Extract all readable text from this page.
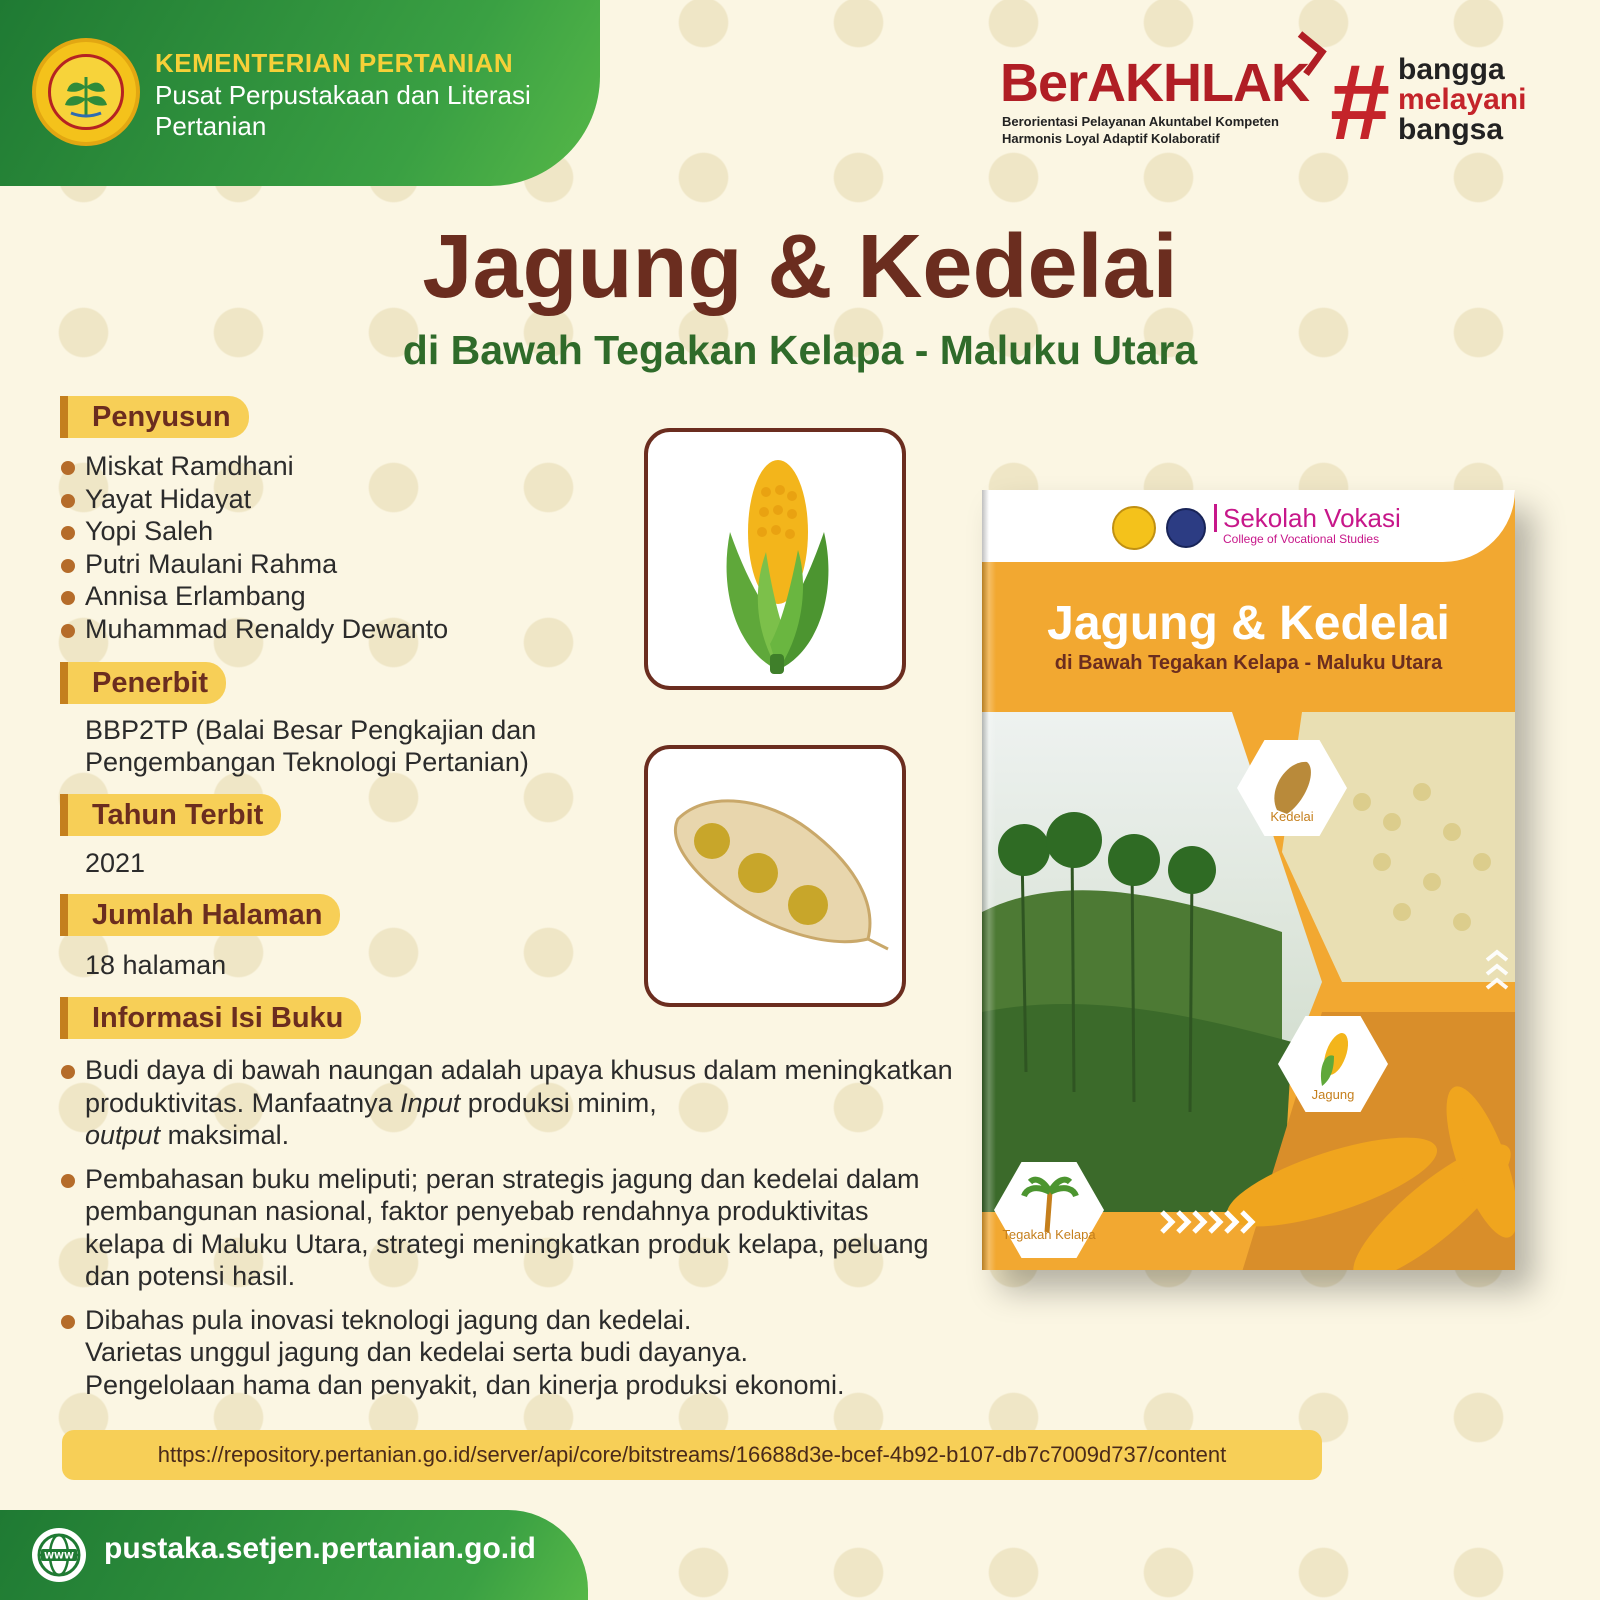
KEMENTERIAN PERTANIAN
Pusat Perpustakaan dan Literasi Pertanian
BerAKHLAK
Berorientasi Pelayanan Akuntabel Kompeten
Harmonis Loyal Adaptif Kolaboratif	# bangga
melayani
bangsa
Jagung & Kedelai
di Bawah Tegakan Kelapa - Maluku Utara
Penyusun
Miskat Ramdhani
Yayat Hidayat
Yopi Saleh
Putri Maulani Rahma
Annisa Erlambang
Muhammad Renaldy Dewanto
Penerbit
BBP2TP (Balai Besar Pengkajian dan
Pengembangan Teknologi Pertanian)
Tahun Terbit
2021
Jumlah Halaman
18 halaman
Informasi Isi Buku
Budi daya di bawah naungan adalah upaya khusus dalam meningkatkan produktivitas. Manfaatnya Input produksi minim,
output maksimal.
Pembahasan buku meliputi; peran strategis jagung dan kedelai dalam pembangunan nasional, faktor penyebab rendahnya produktivitas kelapa di Maluku Utara, strategi meningkatkan produk kelapa, peluang dan potensi hasil.
Dibahas pula inovasi teknologi jagung dan kedelai.
Varietas unggul jagung dan kedelai serta budi dayanya.
Pengelolaan hama dan penyakit, dan kinerja produksi ekonomi.
Sekolah Vokasi
College of Vocational Studies
Jagung & Kedelai
di Bawah Tegakan Kelapa - Maluku Utara
Kedelai
Jagung
Tegakan Kelapa
https://repository.pertanian.go.id/server/api/core/bitstreams/16688d3e-bcef-4b92-b107-db7c7009d737/content
WWW pustaka.setjen.pertanian.go.id
